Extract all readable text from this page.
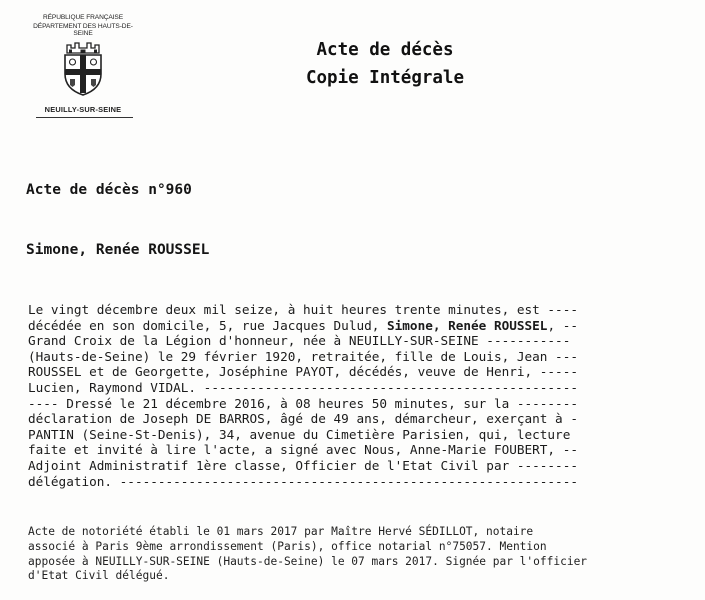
RÉPUBLIQUE FRANÇAISE
DÉPARTEMENT DES HAUTS-DE-SEINE
NEUILLY-SUR-SEINE
Acte de décès
Copie Intégrale
Acte de décès n°960
Simone, Renée ROUSSEL
Le vingt décembre deux mil seize, à huit heures trente minutes, est ----
décédée en son domicile, 5, rue Jacques Dulud, Simone, Renée ROUSSEL, --
Grand Croix de la Légion d'honneur, née à NEUILLY-SUR-SEINE -----------
(Hauts-de-Seine) le 29 février 1920, retraitée, fille de Louis, Jean ---
ROUSSEL et de Georgette, Joséphine PAYOT, décédés, veuve de Henri, -----
Lucien, Raymond VIDAL. -------------------------------------------------
---- Dressé le 21 décembre 2016, à 08 heures 50 minutes, sur la --------
déclaration de Joseph DE BARROS, âgé de 49 ans, démarcheur, exerçant à -
PANTIN (Seine-St-Denis), 34, avenue du Cimetière Parisien, qui, lecture
faite et invité à lire l'acte, a signé avec Nous, Anne-Marie FOUBERT, --
Adjoint Administratif 1ère classe, Officier de l'Etat Civil par --------
délégation. ------------------------------------------------------------
Acte de notoriété établi le 01 mars 2017 par Maître Hervé SÉDILLOT, notaire
associé à Paris 9ème arrondissement (Paris), office notarial n°75057. Mention
apposée à NEUILLY-SUR-SEINE (Hauts-de-Seine) le 07 mars 2017. Signée par l'officier
d'Etat Civil délégué.
